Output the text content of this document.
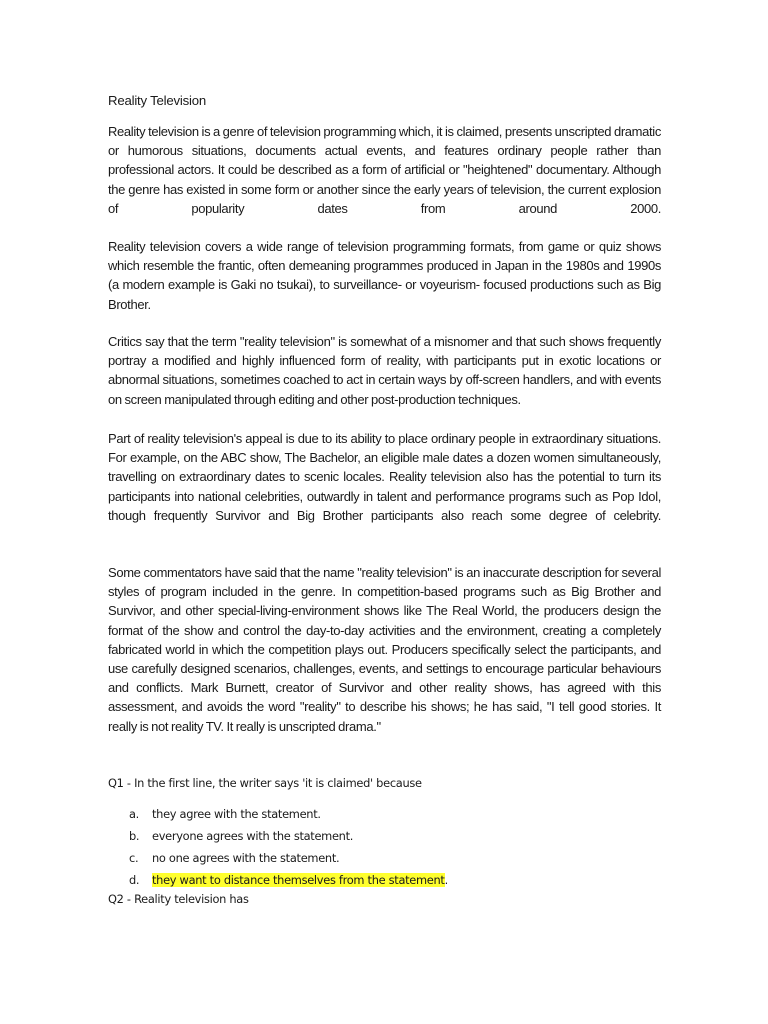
Reality Television

Reality television is a genre of television programming which, it is claimed, presents unscripted dramatic or humorous situations, documents actual events, and features ordinary people rather than professional actors. It could be described as a form of artificial or "heightened" documentary. Although the genre has existed in some form or another since the early years of television, the current explosion of popularity dates from around 2000.

Reality television covers a wide range of television programming formats, from game or quiz shows which resemble the frantic, often demeaning programmes produced in Japan in the 1980s and 1990s (a modern example is Gaki no tsukai), to surveillance- or voyeurism- focused productions such as Big Brother.

Critics say that the term "reality television" is somewhat of a misnomer and that such shows frequently portray a modified and highly influenced form of reality, with participants put in exotic locations or abnormal situations, sometimes coached to act in certain ways by off-screen handlers, and with events on screen manipulated through editing and other post-production techniques.

Part of reality television's appeal is due to its ability to place ordinary people in extraordinary situations. For example, on the ABC show, The Bachelor, an eligible male dates a dozen women simultaneously, travelling on extraordinary dates to scenic locales. Reality television also has the potential to turn its participants into national celebrities, outwardly in talent and performance programs such as Pop Idol, though frequently Survivor and Big Brother participants also reach some degree of celebrity.

Some commentators have said that the name "reality television" is an inaccurate description for several styles of program included in the genre. In competition-based programs such as Big Brother and Survivor, and other special-living-environment shows like The Real World, the producers design the format of the show and control the day-to-day activities and the environment, creating a completely fabricated world in which the competition plays out. Producers specifically select the participants, and use carefully designed scenarios, challenges, events, and settings to encourage particular behaviours and conflicts. Mark Burnett, creator of Survivor and other reality shows, has agreed with this assessment, and avoids the word "reality" to describe his shows; he has said, "I tell good stories. It really is not reality TV. It really is unscripted drama."

Q1 - In the first line, the writer says 'it is claimed' because
a. they agree with the statement.
b. everyone agrees with the statement.
c. no one agrees with the statement.
d. they want to distance themselves from the statement.
Q2 - Reality television has
